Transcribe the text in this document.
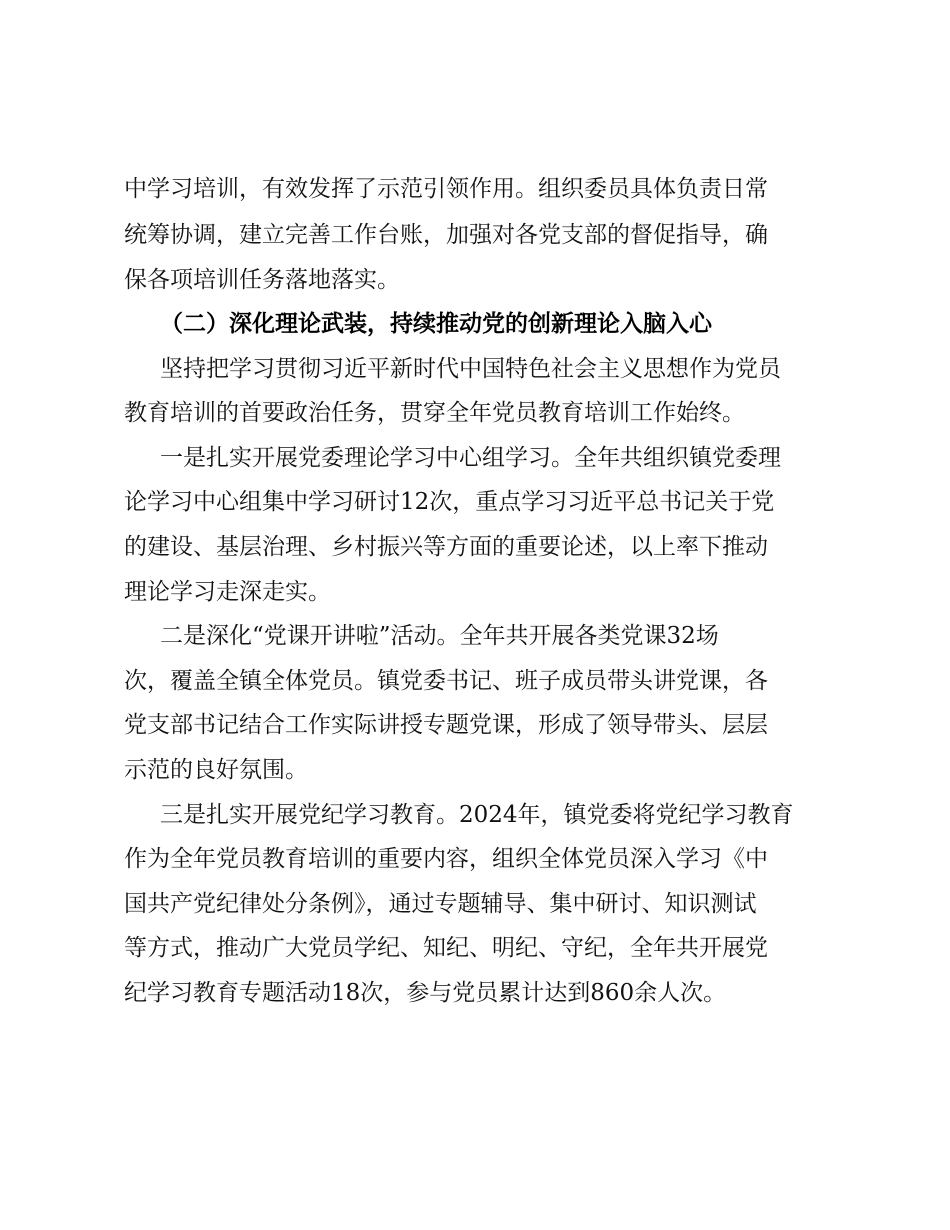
中学习培训，有效发挥了示范引领作用。组织委员具体负责日常

统筹协调，建立完善工作台账，加强对各党支部的督促指导，确

保各项培训任务落地落实。

（二）深化理论武装，持续推动党的创新理论入脑入心

坚持把学习贯彻习近平新时代中国特色社会主义思想作为党员

教育培训的首要政治任务，贯穿全年党员教育培训工作始终。

一是扎实开展党委理论学习中心组学习。全年共组织镇党委理

论学习中心组集中学习研讨12次，重点学习习近平总书记关于党

的建设、基层治理、乡村振兴等方面的重要论述，以上率下推动

理论学习走深走实。

二是深化“党课开讲啦”活动。全年共开展各类党课32场

次，覆盖全镇全体党员。镇党委书记、班子成员带头讲党课，各

党支部书记结合工作实际讲授专题党课，形成了领导带头、层层

示范的良好氛围。

三是扎实开展党纪学习教育。2024年，镇党委将党纪学习教育

作为全年党员教育培训的重要内容，组织全体党员深入学习《中

国共产党纪律处分条例》，通过专题辅导、集中研讨、知识测试

等方式，推动广大党员学纪、知纪、明纪、守纪，全年共开展党

纪学习教育专题活动18次，参与党员累计达到860余人次。
